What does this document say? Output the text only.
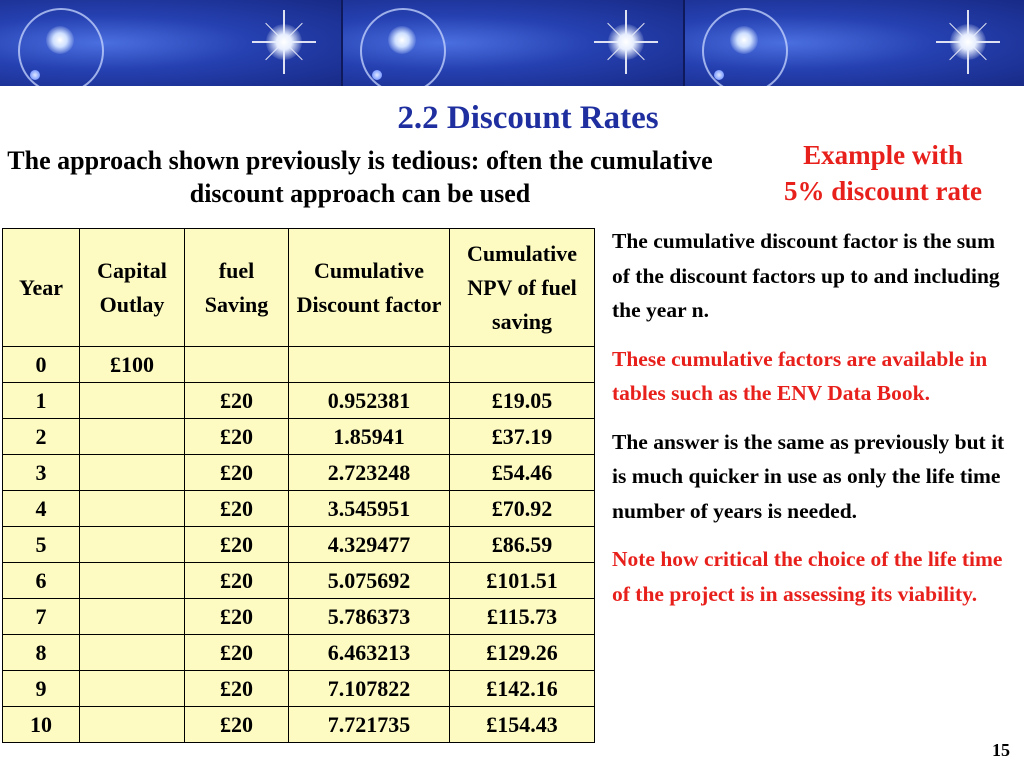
2.2 Discount Rates
The approach shown previously is tedious: often the cumulative discount approach can be used
Example with
5% discount rate
Year	Capital Outlay	fuel Saving	Cumulative Discount factor	Cumulative NPV of fuel saving
0	£100			
1		£20	0.952381	£19.05
2		£20	1.85941	£37.19
3		£20	2.723248	£54.46
4		£20	3.545951	£70.92
5		£20	4.329477	£86.59
6		£20	5.075692	£101.51
7		£20	5.786373	£115.73
8		£20	6.463213	£129.26
9		£20	7.107822	£142.16
10		£20	7.721735	£154.43

The cumulative discount factor is the sum of the discount factors up to and including the year n.

These cumulative factors are available in tables such as the ENV Data Book.

The answer is the same as previously but it is much quicker in use as only the life time number of years is needed.

Note how critical the choice of the life time of the project is in assessing its viability.

15
